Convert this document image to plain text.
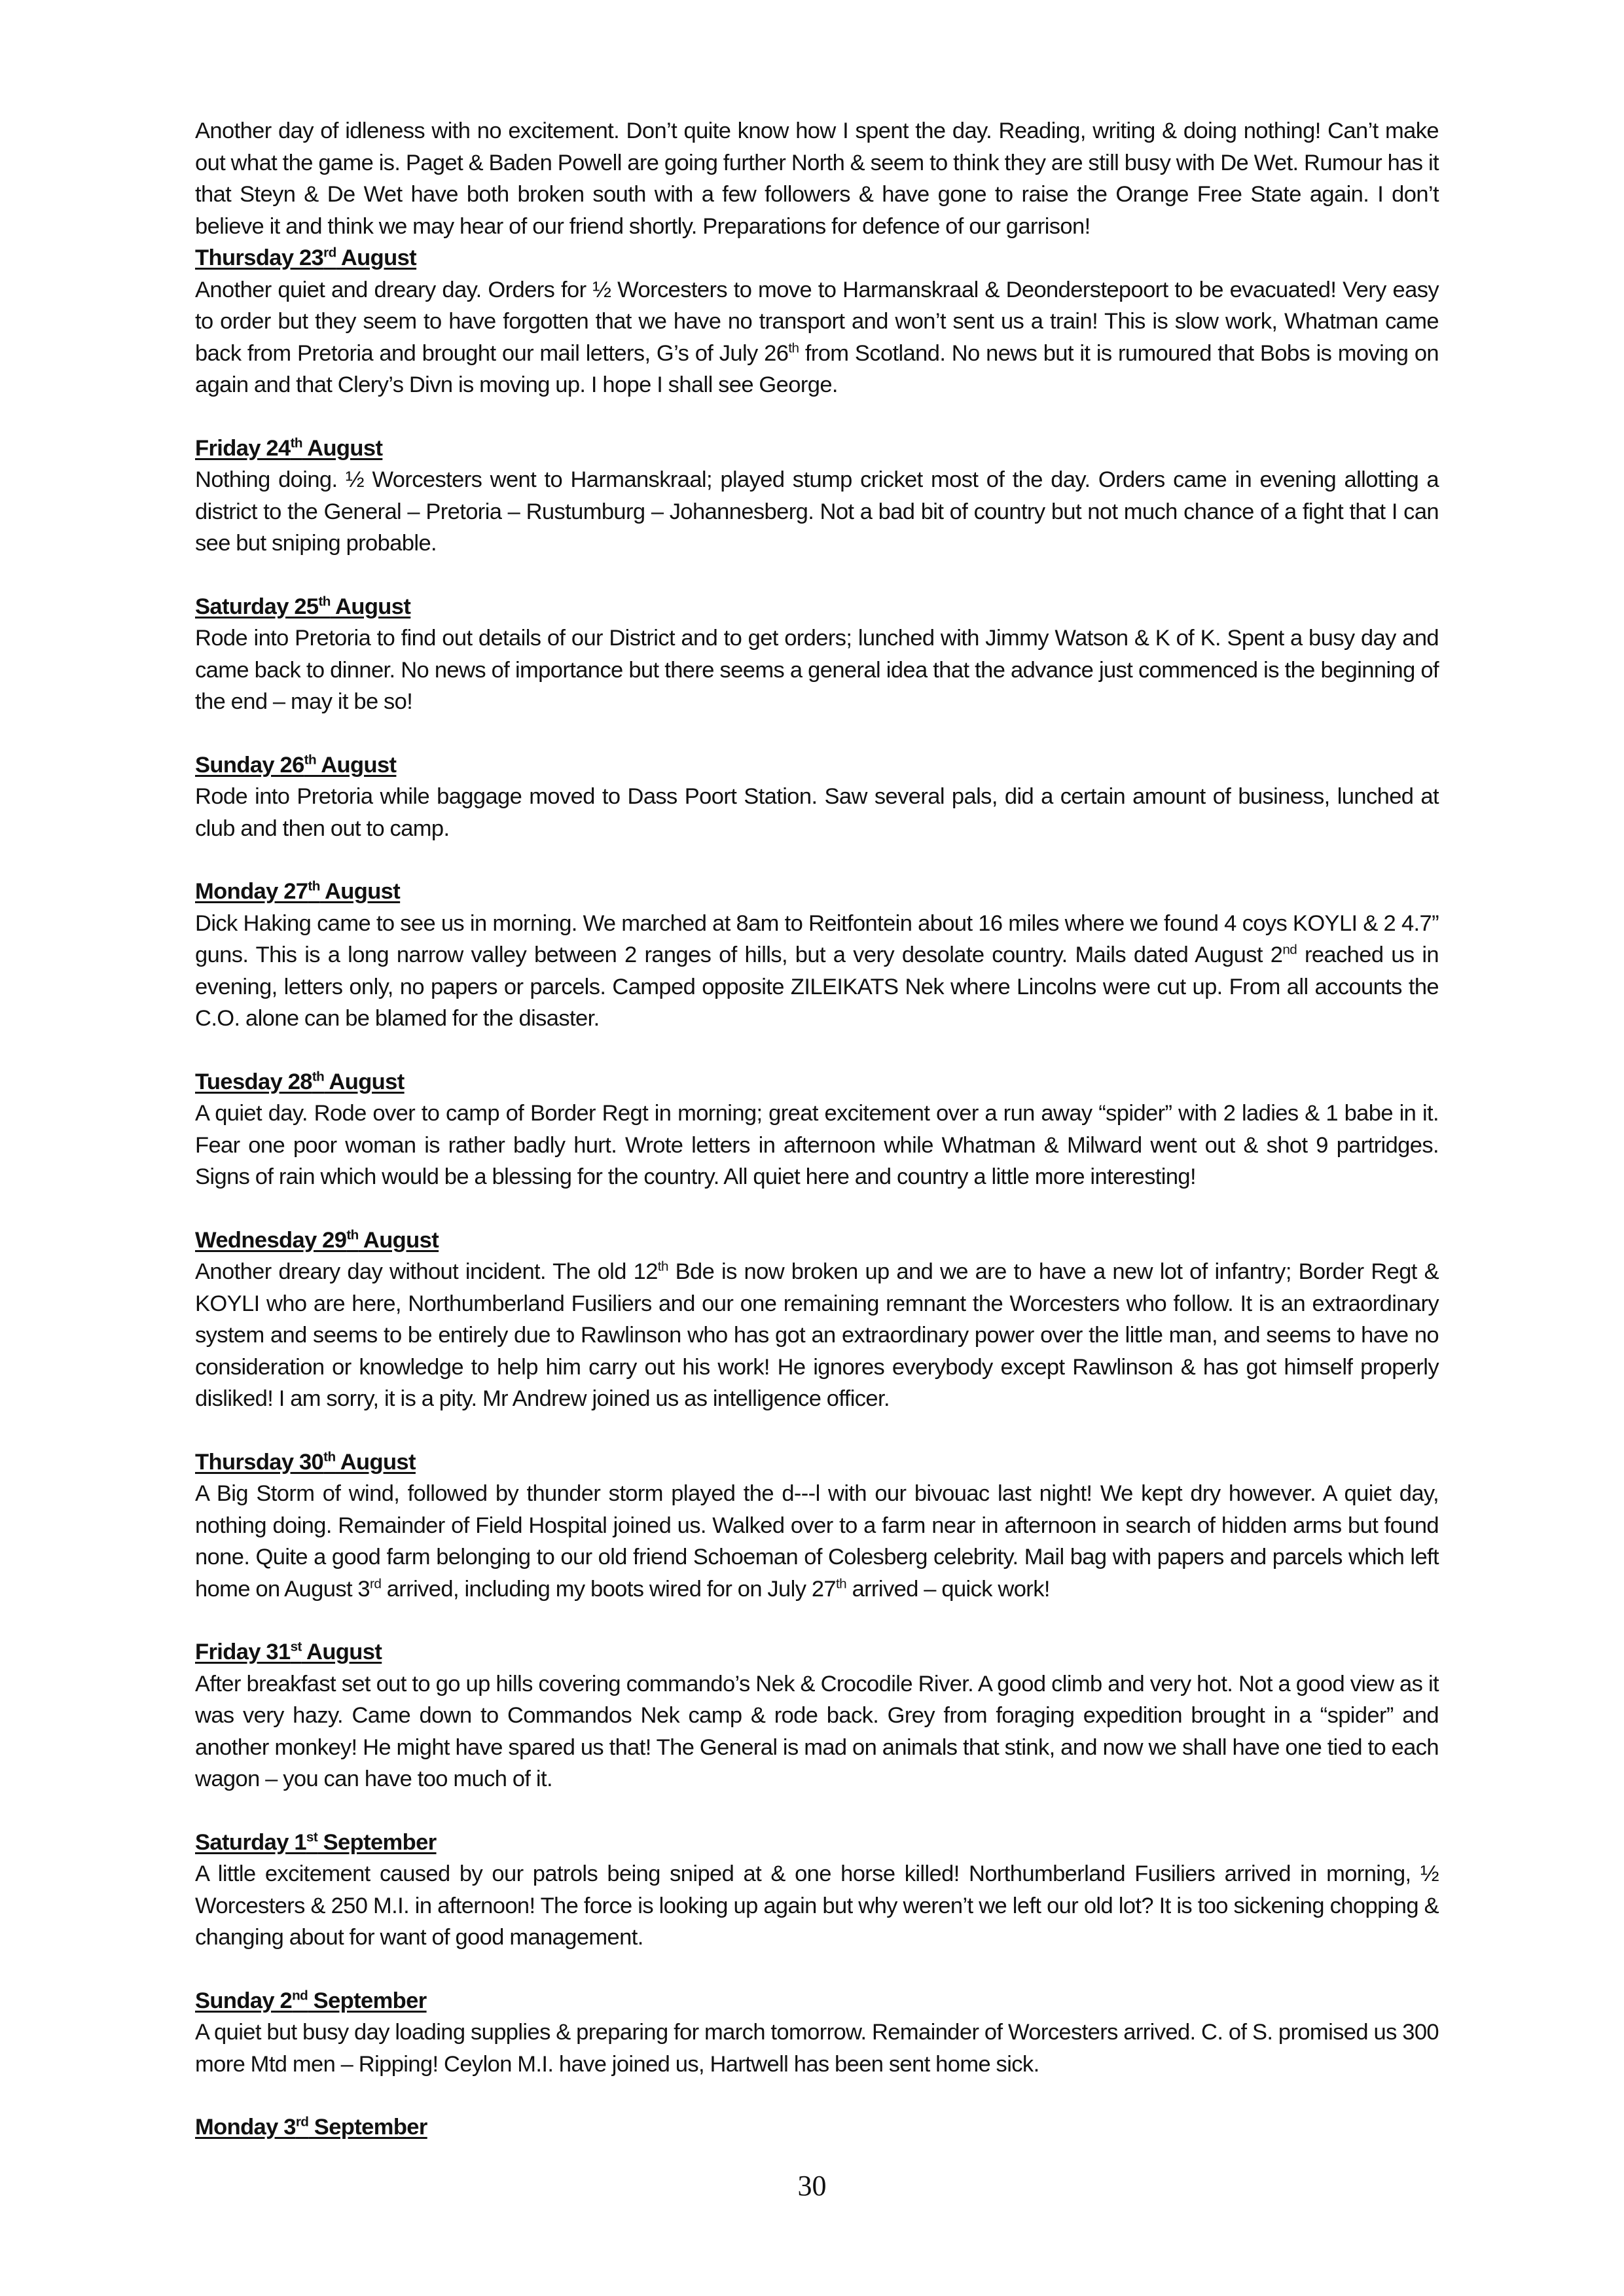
Another day of idleness with no excitement. Don’t quite know how I spent the day. Reading, writing & doing nothing! Can’t make out what the game is. Paget & Baden Powell are going further North & seem to think they are still busy with De Wet. Rumour has it that Steyn & De Wet have both broken south with a few followers & have gone to raise the Orange Free State again. I don’t believe it and think we may hear of our friend shortly. Preparations for defence of our garrison!

Thursday 23rd August

Another quiet and dreary day. Orders for ½ Worcesters to move to Harmanskraal & Deonderstepoort to be evacuated! Very easy to order but they seem to have forgotten that we have no transport and won’t sent us a train! This is slow work, Whatman came back from Pretoria and brought our mail letters, G’s of July 26th from Scotland. No news but it is rumoured that Bobs is moving on again and that Clery’s Divn is moving up. I hope I shall see George.

Friday 24th August

Nothing doing. ½ Worcesters went to Harmanskraal; played stump cricket most of the day. Orders came in evening allotting a district to the General – Pretoria – Rustumburg – Johannesberg. Not a bad bit of country but not much chance of a fight that I can see but sniping probable.

Saturday 25th August

Rode into Pretoria to find out details of our District and to get orders; lunched with Jimmy Watson & K of K. Spent a busy day and came back to dinner. No news of importance but there seems a general idea that the advance just commenced is the beginning of the end – may it be so!

Sunday 26th August

Rode into Pretoria while baggage moved to Dass Poort Station. Saw several pals, did a certain amount of business, lunched at club and then out to camp.

Monday 27th August

Dick Haking came to see us in morning. We marched at 8am to Reitfontein about 16 miles where we found 4 coys KOYLI & 2 4.7” guns. This is a long narrow valley between 2 ranges of hills, but a very desolate country. Mails dated August 2nd reached us in evening, letters only, no papers or parcels. Camped opposite ZILEIKATS Nek where Lincolns were cut up. From all accounts the C.O. alone can be blamed for the disaster.

Tuesday 28th August

A quiet day. Rode over to camp of Border Regt in morning; great excitement over a run away “spider” with 2 ladies & 1 babe in it. Fear one poor woman is rather badly hurt. Wrote letters in afternoon while Whatman & Milward went out & shot 9 partridges. Signs of rain which would be a blessing for the country. All quiet here and country a little more interesting!

Wednesday 29th August

Another dreary day without incident. The old 12th Bde is now broken up and we are to have a new lot of infantry; Border Regt & KOYLI who are here, Northumberland Fusiliers and our one remaining remnant the Worcesters who follow. It is an extraordinary system and seems to be entirely due to Rawlinson who has got an extraordinary power over the little man, and seems to have no consideration or knowledge to help him carry out his work! He ignores everybody except Rawlinson & has got himself properly disliked! I am sorry, it is a pity. Mr Andrew joined us as intelligence officer.

Thursday 30th August

A Big Storm of wind, followed by thunder storm played the d---l with our bivouac last night! We kept dry however. A quiet day, nothing doing. Remainder of Field Hospital joined us. Walked over to a farm near in afternoon in search of hidden arms but found none. Quite a good farm belonging to our old friend Schoeman of Colesberg celebrity. Mail bag with papers and parcels which left home on August 3rd arrived, including my boots wired for on July 27th arrived – quick work!

Friday 31st August

After breakfast set out to go up hills covering commando’s Nek & Crocodile River. A good climb and very hot. Not a good view as it was very hazy. Came down to Commandos Nek camp & rode back. Grey from foraging expedition brought in a “spider” and another monkey! He might have spared us that! The General is mad on animals that stink, and now we shall have one tied to each wagon – you can have too much of it.

Saturday 1st September

A little excitement caused by our patrols being sniped at & one horse killed! Northumberland Fusiliers arrived in morning, ½ Worcesters & 250 M.I. in afternoon! The force is looking up again but why weren’t we left our old lot? It is too sickening chopping & changing about for want of good management.

Sunday 2nd September

A quiet but busy day loading supplies & preparing for march tomorrow. Remainder of Worcesters arrived. C. of S. promised us 300 more Mtd men – Ripping! Ceylon M.I. have joined us, Hartwell has been sent home sick.

Monday 3rd September

30
